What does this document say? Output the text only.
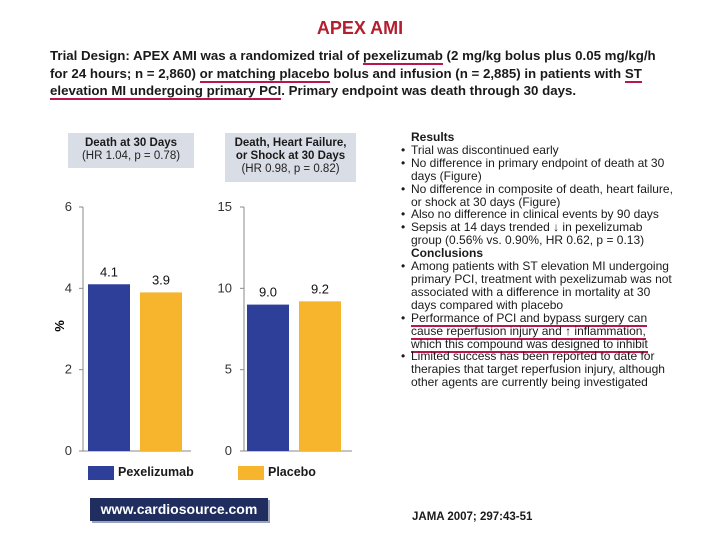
APEX AMI
Trial Design: APEX AMI was a randomized trial of pexelizumab (2 mg/kg bolus plus 0.05 mg/kg/h for 24 hours; n = 2,860) or matching placebo bolus and infusion (n = 2,885) in patients with ST elevation MI undergoing primary PCI. Primary endpoint was death through 30 days.
Death at 30 Days
(HR 1.04, p = 0.78)
Death, Heart Failure,
or Shock at 30 Days
(HR 0.98, p = 0.82)
6
4
2
0
4.1
3.9
15
10
5
0
9.0	9.2
%
Pexelizumab	Placebo
www.cardiosource.com
Results
• Trial was discontinued early
• No difference in primary endpoint of death at 30 days (Figure)
• No difference in composite of death, heart failure, or shock at 30 days (Figure)
• Also no difference in clinical events by 90 days
• Sepsis at 14 days trended ↓ in pexelizumab group (0.56% vs. 0.90%, HR 0.62, p = 0.13)
Conclusions
• Among patients with ST elevation MI undergoing primary PCI, treatment with pexelizumab was not associated with a difference in mortality at 30 days compared with placebo
• Performance of PCI and bypass surgery can cause reperfusion injury and ↑ inflammation, which this compound was designed to inhibit
• Limited success has been reported to date for therapies that target reperfusion injury, although other agents are currently being investigated
JAMA 2007; 297:43-51
